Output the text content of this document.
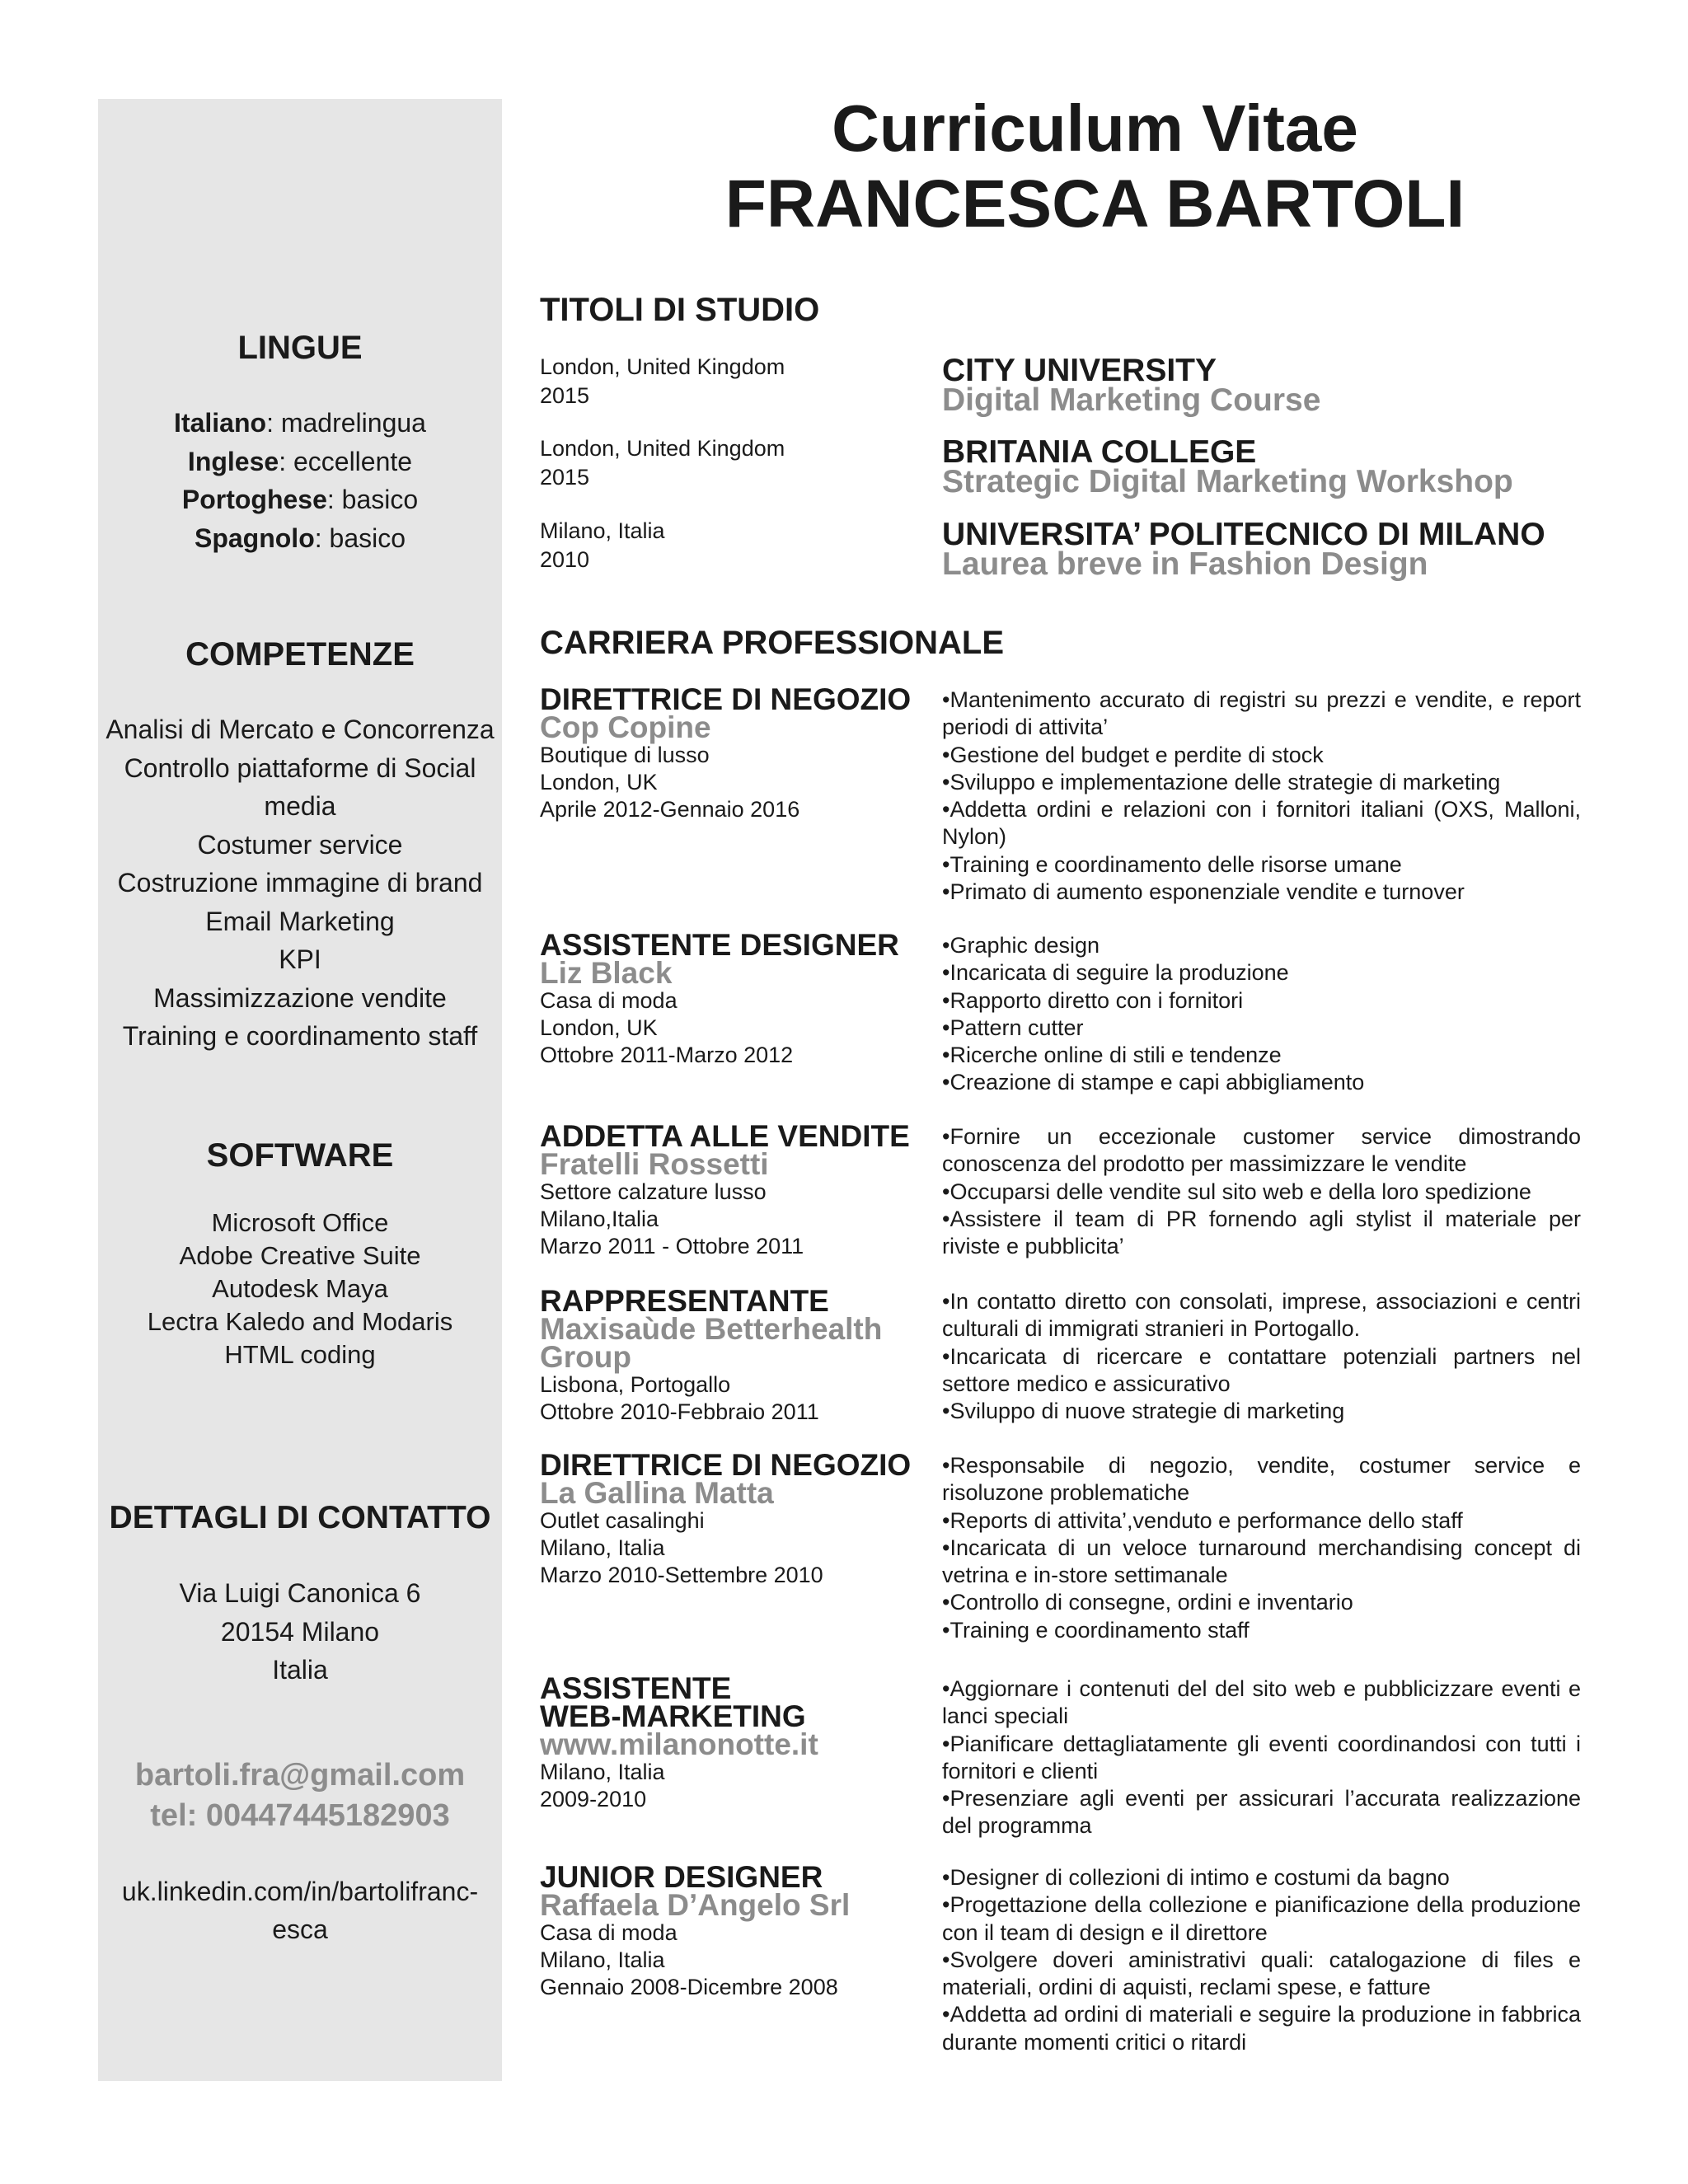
LINGUE
Italiano: madrelingua
Inglese: eccellente
Portoghese: basico
Spagnolo: basico
COMPETENZE
Analisi di Mercato e Concorrenza
Controllo piattaforme di Social
media
Costumer service
Costruzione immagine di brand
Email Marketing
KPI
Massimizzazione vendite
Training e coordinamento staff
SOFTWARE
Microsoft Office
Adobe Creative Suite
Autodesk Maya
Lectra Kaledo and Modaris
HTML coding
DETTAGLI DI CONTATTO
Via Luigi Canonica 6
20154 Milano
Italia
bartoli.fra@gmail.com
tel: 00447445182903
uk.linkedin.com/in/bartolifranc-
esca
Curriculum Vitae
FRANCESCA BARTOLI
TITOLI DI STUDIO
London, United Kingdom
2015
CITY UNIVERSITY
Digital Marketing Course
London, United Kingdom
2015
BRITANIA COLLEGE
Strategic Digital Marketing Workshop
Milano, Italia
2010
UNIVERSITA’ POLITECNICO DI MILANO
Laurea breve in Fashion Design
CARRIERA PROFESSIONALE
DIRETTRICE DI NEGOZIO
Cop Copine
Boutique di lusso
London, UK
Aprile 2012-Gennaio 2016
• Mantenimento accurato di registri su prezzi e vendite, e report periodi di attivita’
• Gestione del budget e perdite di stock
• Sviluppo e implementazione delle strategie di marketing
• Addetta ordini e relazioni con i fornitori italiani (OXS, Malloni, Nylon)
• Training e coordinamento delle risorse umane
• Primato di aumento esponenziale vendite e turnover
ASSISTENTE DESIGNER
Liz Black
Casa di moda
London, UK
Ottobre 2011-Marzo 2012
• Graphic design
• Incaricata di seguire la produzione
• Rapporto diretto con i fornitori
• Pattern cutter
• Ricerche online di stili e tendenze
• Creazione di stampe e capi abbigliamento
ADDETTA ALLE VENDITE
Fratelli Rossetti
Settore calzature lusso
Milano,Italia
Marzo 2011 - Ottobre 2011
• Fornire un eccezionale customer service dimostrando conoscenza del prodotto per massimizzare le vendite
• Occuparsi delle vendite sul sito web e della loro spedizione
• Assistere il team di PR fornendo agli stylist il materiale per riviste e pubblicita’
RAPPRESENTANTE
Maxisaùde Betterhealth
Group
Lisbona, Portogallo
Ottobre 2010-Febbraio 2011
• In contatto diretto con consolati, imprese, associazioni e centri culturali di immigrati stranieri in Portogallo.
• Incaricata di ricercare e contattare potenziali partners nel settore medico e assicurativo
• Sviluppo di nuove strategie di marketing
DIRETTRICE DI NEGOZIO
La Gallina Matta
Outlet casalinghi
Milano, Italia
Marzo 2010-Settembre 2010
• Responsabile di negozio, vendite, costumer service e risoluzone problematiche
• Reports di attivita’,venduto e performance dello staff
• Incaricata di un veloce turnaround merchandising concept di vetrina e in-store settimanale
• Controllo di consegne, ordini e inventario
• Training e coordinamento staff
ASSISTENTE
WEB-MARKETING
www.milanonotte.it
Milano, Italia
2009-2010
• Aggiornare i contenuti del del sito web e pubblicizzare eventi e lanci speciali
• Pianificare dettagliatamente gli eventi coordinandosi con tutti i fornitori e clienti
• Presenziare agli eventi per assicurari l’accurata realizzazione del programma
JUNIOR DESIGNER
Raffaela D’Angelo Srl
Casa di moda
Milano, Italia
Gennaio 2008-Dicembre 2008
• Designer di collezioni di intimo e costumi da bagno
• Progettazione della collezione e pianificazione della produzione con il team di design e il direttore
• Svolgere doveri aministrativi quali: catalogazione di files e materiali, ordini di aquisti, reclami spese, e fatture
• Addetta ad ordini di materiali e seguire la produzione in fabbrica durante momenti critici o ritardi
